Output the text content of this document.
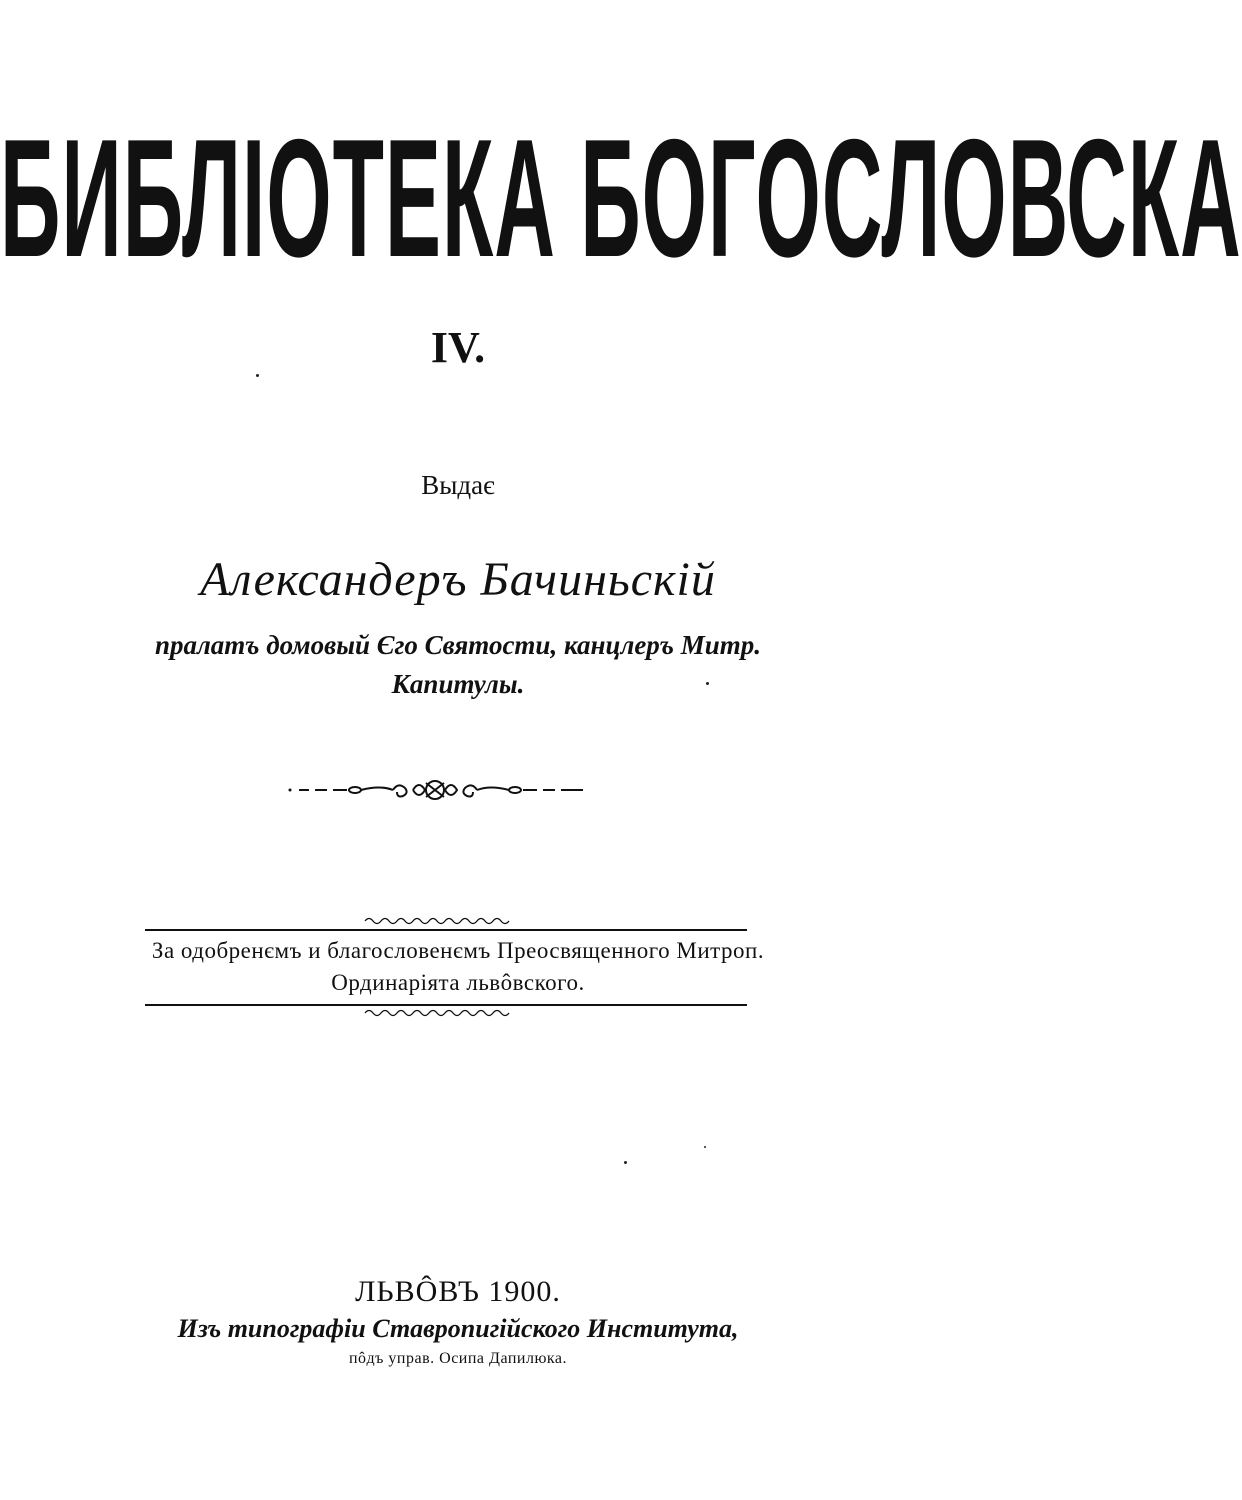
БИБЛІОТЕКА БОГОСЛОВСКА
IV.
Выдає
Александеръ Бачиньскій
пралатъ домовый Єго Святости, канцлеръ Митр.
Капитулы.
За одобренємъ и благословенємъ Преосвященного Митроп.
Ординаріята львôвского.
ЛЬВÔВЪ 1900.
Изъ типографіи Ставропигійского Института,
пôдъ управ. Осипа Дапилюка.
